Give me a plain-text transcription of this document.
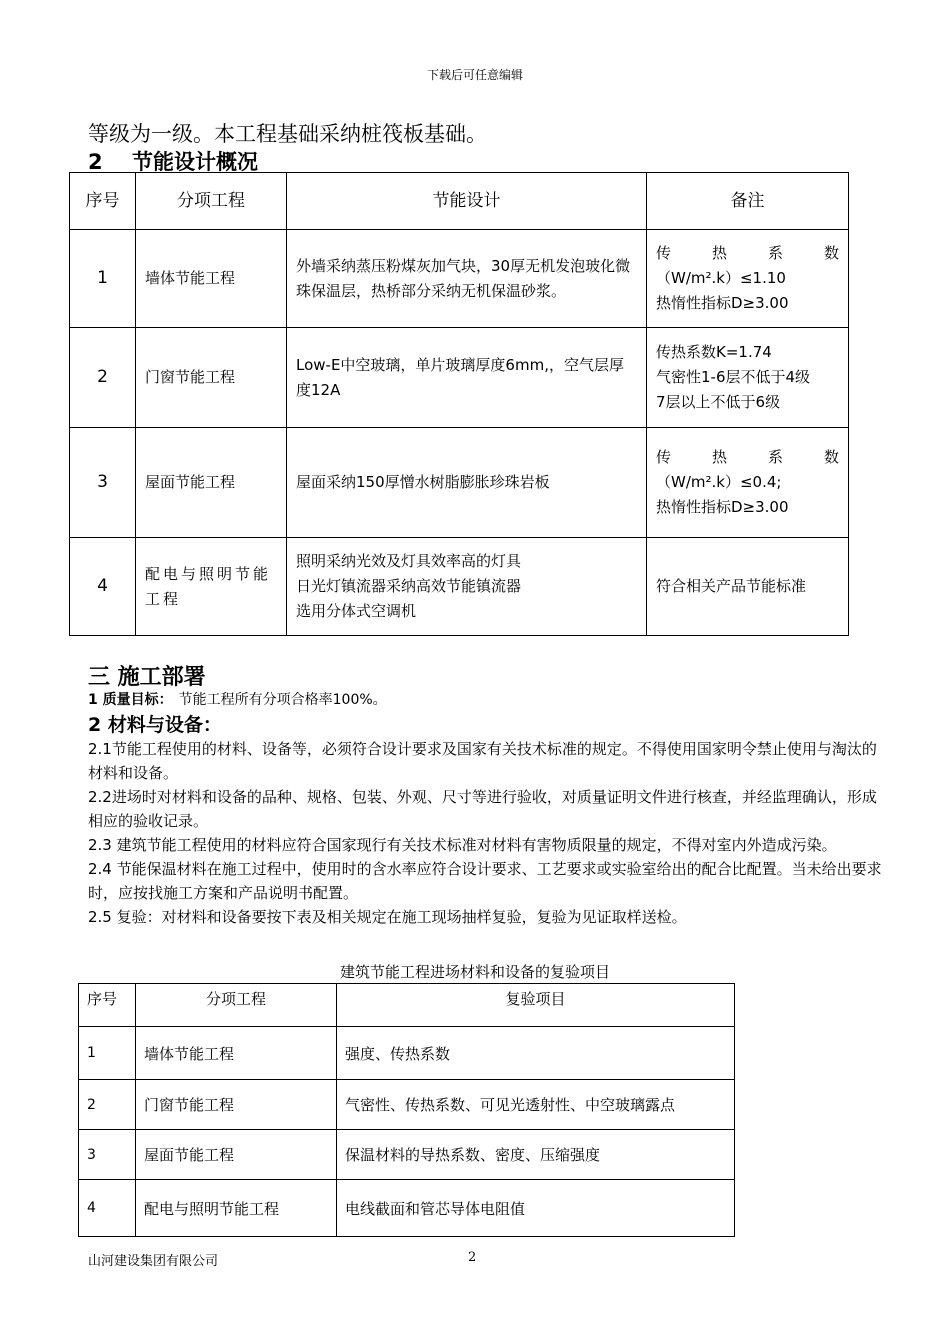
下载后可任意编辑
等级为一级。本工程基础采纳桩筏板基础。
2 节能设计概况
序号	分项工程	节能设计	备注
1	墙体节能工程	外墙采纳蒸压粉煤灰加气块，30厚无机发泡玻化微珠保温层，热桥部分采纳无机保温砂浆。	传热系数
（W/m².k）≤1.10
热惰性指标D≥3.00

2	门窗节能工程	Low-E中空玻璃，单片玻璃厚度6mm,，空气层厚度12A	传热系数K=1.74
气密性1-6层不低于4级
7层以上不低于6级

3	屋面节能工程	屋面采纳150厚憎水树脂膨胀珍珠岩板	传热系数
（W/m².k）≤0.4;
热惰性指标D≥3.00

4	配电与照明节能工程	照明采纳光效及灯具效率高的灯具
日光灯镇流器采纳高效节能镇流器
选用分体式空调机	符合相关产品节能标准
三 施工部署
1 质量目标： 节能工程所有分项合格率100%。
2 材料与设备：

2.1节能工程使用的材料、设备等，必须符合设计要求及国家有关技术标准的规定。不得使用国家明令禁止使用与淘汰的材料和设备。

2.2进场时对材料和设备的品种、规格、包装、外观、尺寸等进行验收，对质量证明文件进行核查，并经监理确认，形成相应的验收记录。

2.3 建筑节能工程使用的材料应符合国家现行有关技术标准对材料有害物质限量的规定，不得对室内外造成污染。

2.4 节能保温材料在施工过程中，使用时的含水率应符合设计要求、工艺要求或实验室给出的配合比配置。当未给出要求时，应按找施工方案和产品说明书配置。

2.5 复验：对材料和设备要按下表及相关规定在施工现场抽样复验，复验为见证取样送检。

建筑节能工程进场材料和设备的复验项目
序号	分项工程	复验项目
1	墙体节能工程	强度、传热系数
2	门窗节能工程	气密性、传热系数、可见光透射性、中空玻璃露点
3	屋面节能工程	保温材料的导热系数、密度、压缩强度
4	配电与照明节能工程	电线截面和管芯导体电阻值
山河建设集团有限公司	2
